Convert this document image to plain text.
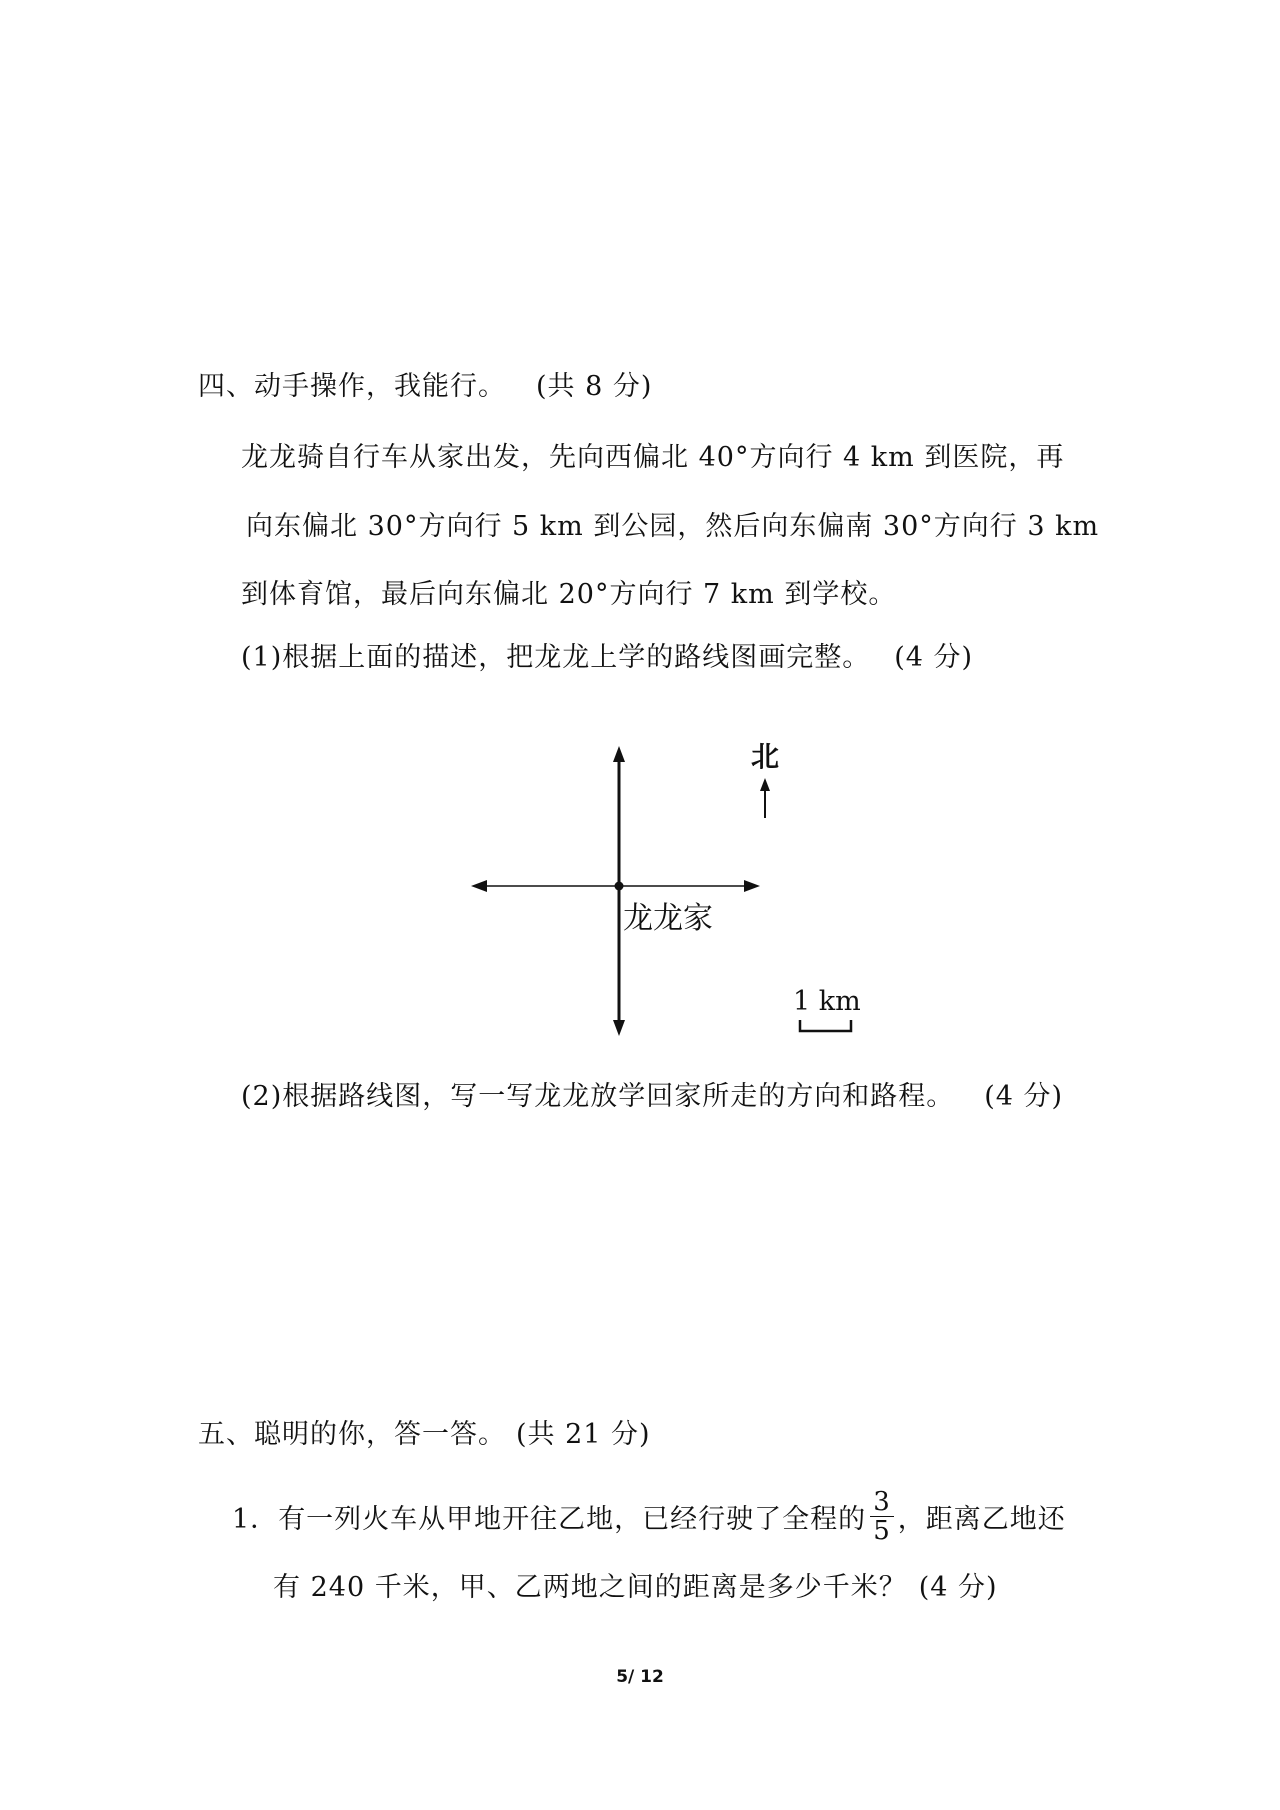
四、动手操作，我能行。 (共 8 分)
龙龙骑自行车从家出发，先向西偏北 40°方向行 4 km 到医院，再
向东偏北 30°方向行 5 km 到公园，然后向东偏南 30°方向行 3 km
到体育馆，最后向东偏北 20°方向行 7 km 到学校。
(1)根据上面的描述，把龙龙上学的路线图画完整。 (4 分)
北
龙龙家
1 km
(2)根据路线图，写一写龙龙放学回家所走的方向和路程。 (4 分)
五、聪明的你，答一答。 (共 21 分)
1．有一列火车从甲地开往乙地，已经行驶了全程的 $\frac{3}{5}$ ，距离乙地还
有 240 千米，甲、乙两地之间的距离是多少千米？ (4 分)
5/ 12
